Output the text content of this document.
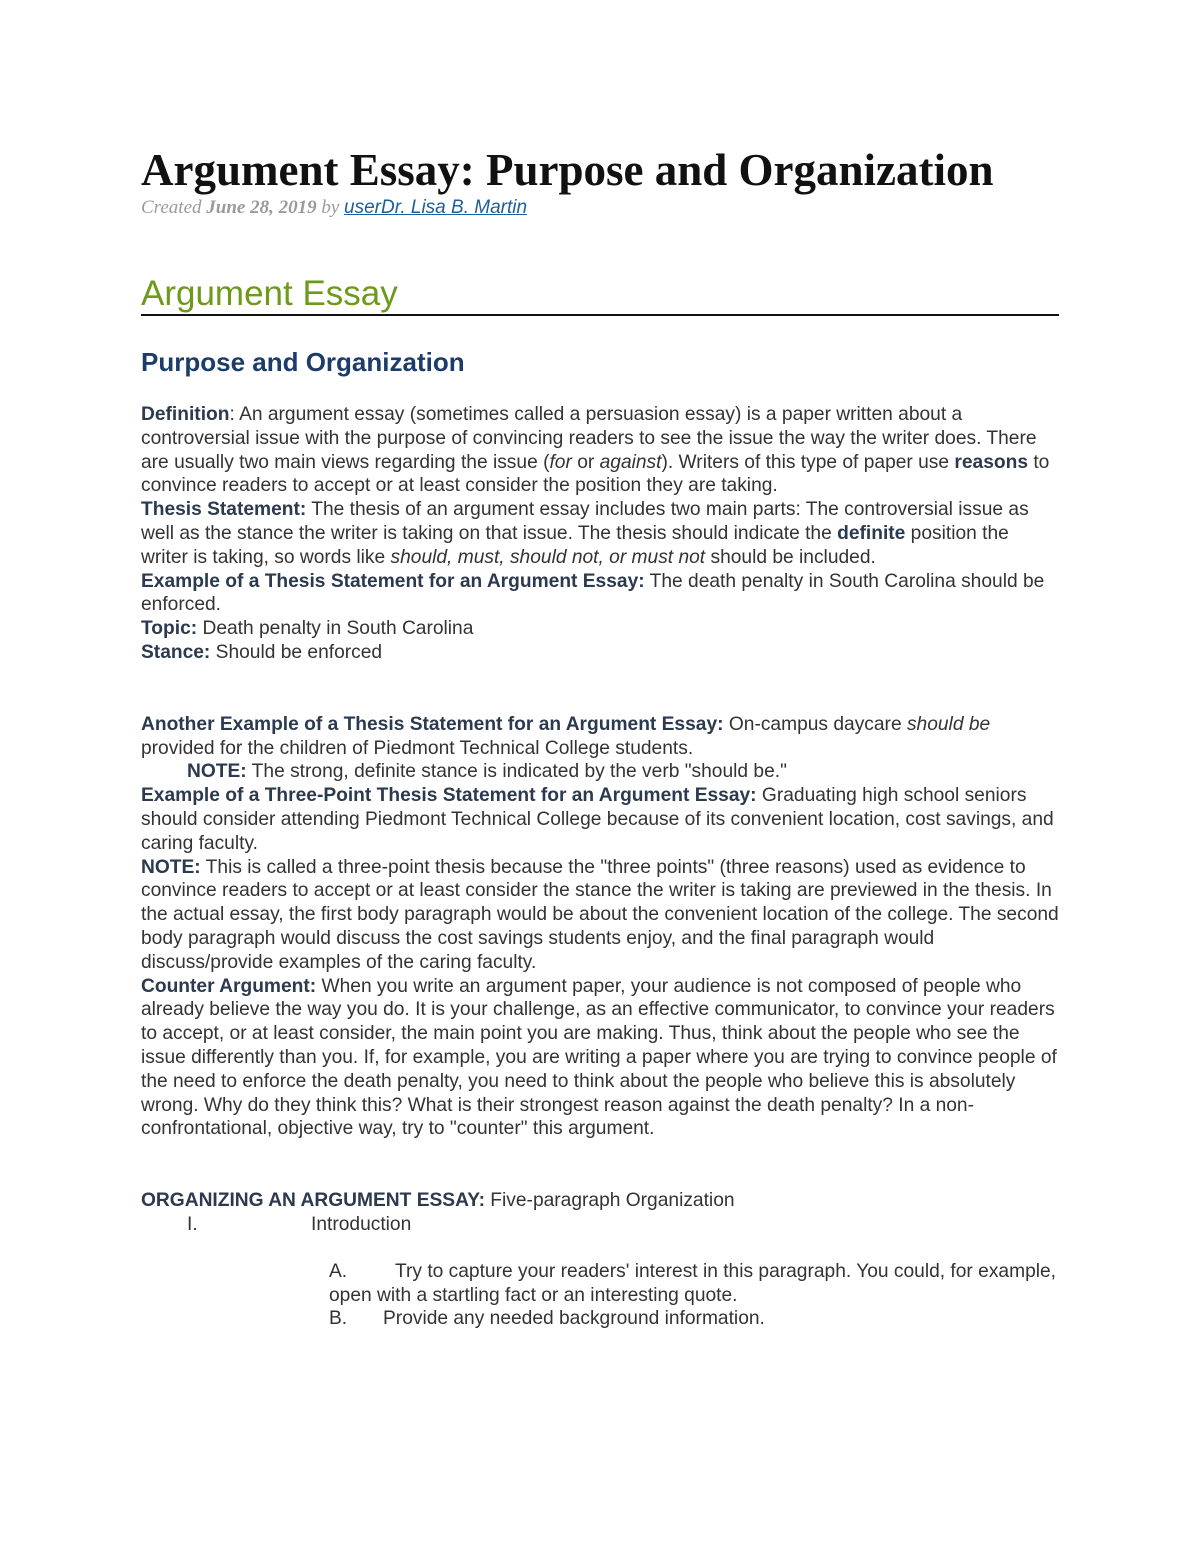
Argument Essay: Purpose and Organization
Created June 28, 2019 by userDr. Lisa B. Martin
Argument Essay
Purpose and Organization

Definition: An argument essay (sometimes called a persuasion essay) is a paper written about a controversial issue with the purpose of convincing readers to see the issue the way the writer does. There are usually two main views regarding the issue (for or against). Writers of this type of paper use reasons to convince readers to accept or at least consider the position they are taking.

Thesis Statement: The thesis of an argument essay includes two main parts: The controversial issue as well as the stance the writer is taking on that issue. The thesis should indicate the definite position the writer is taking, so words like should, must, should not, or must not should be included.

Example of a Thesis Statement for an Argument Essay: The death penalty in South Carolina should be enforced.

Topic: Death penalty in South Carolina

Stance: Should be enforced

Another Example of a Thesis Statement for an Argument Essay: On-campus daycare should be provided for the children of Piedmont Technical College students.

NOTE: The strong, definite stance is indicated by the verb "should be."

Example of a Three-Point Thesis Statement for an Argument Essay: Graduating high school seniors should consider attending Piedmont Technical College because of its convenient location, cost savings, and caring faculty.

NOTE: This is called a three-point thesis because the "three points" (three reasons) used as evidence to convince readers to accept or at least consider the stance the writer is taking are previewed in the thesis. In the actual essay, the first body paragraph would be about the convenient location of the college. The second body paragraph would discuss the cost savings students enjoy, and the final paragraph would discuss/provide examples of the caring faculty.

Counter Argument: When you write an argument paper, your audience is not composed of people who already believe the way you do. It is your challenge, as an effective communicator, to convince your readers to accept, or at least consider, the main point you are making. Thus, think about the people who see the issue differently than you. If, for example, you are writing a paper where you are trying to convince people of the need to enforce the death penalty, you need to think about the people who believe this is absolutely wrong. Why do they think this? What is their strongest reason against the death penalty? In a non-confrontational, objective way, try to "counter" this argument.

ORGANIZING AN ARGUMENT ESSAY: Five-paragraph Organization

I.	Introduction

A. Try to capture your readers' interest in this paragraph. You could, for example, open with a startling fact or an interesting quote.

B. Provide any needed background information.
